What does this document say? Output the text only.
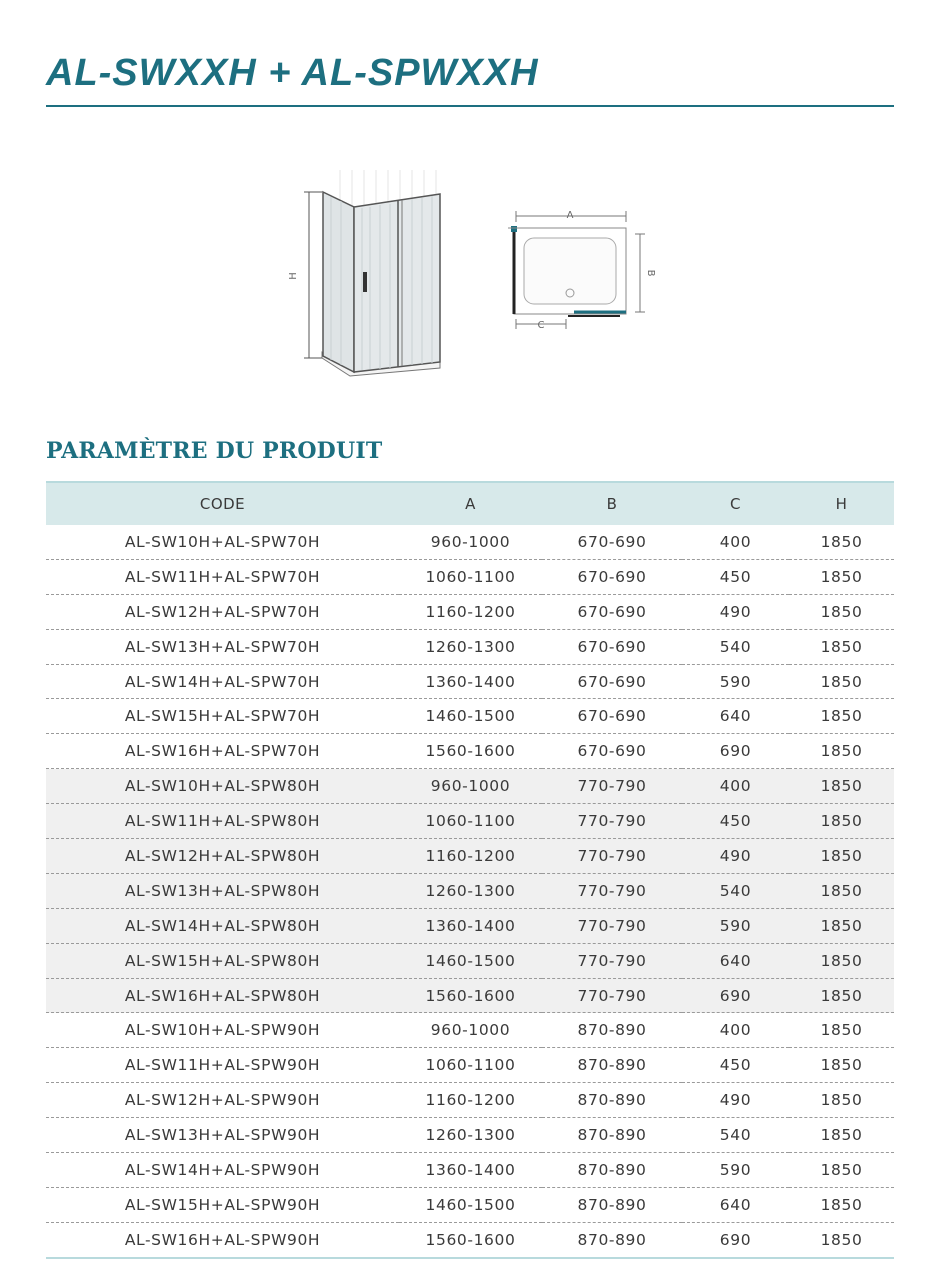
AL-SWXXH + AL-SPWXXH
H
A
B
C
PARAMÈTRE DU PRODUIT
CODE	A	B	C	H
AL-SW10H+AL-SPW70H	960-1000	670-690	400	1850
AL-SW11H+AL-SPW70H	1060-1100	670-690	450	1850
AL-SW12H+AL-SPW70H	1160-1200	670-690	490	1850
AL-SW13H+AL-SPW70H	1260-1300	670-690	540	1850
AL-SW14H+AL-SPW70H	1360-1400	670-690	590	1850
AL-SW15H+AL-SPW70H	1460-1500	670-690	640	1850
AL-SW16H+AL-SPW70H	1560-1600	670-690	690	1850
AL-SW10H+AL-SPW80H	960-1000	770-790	400	1850
AL-SW11H+AL-SPW80H	1060-1100	770-790	450	1850
AL-SW12H+AL-SPW80H	1160-1200	770-790	490	1850
AL-SW13H+AL-SPW80H	1260-1300	770-790	540	1850
AL-SW14H+AL-SPW80H	1360-1400	770-790	590	1850
AL-SW15H+AL-SPW80H	1460-1500	770-790	640	1850
AL-SW16H+AL-SPW80H	1560-1600	770-790	690	1850
AL-SW10H+AL-SPW90H	960-1000	870-890	400	1850
AL-SW11H+AL-SPW90H	1060-1100	870-890	450	1850
AL-SW12H+AL-SPW90H	1160-1200	870-890	490	1850
AL-SW13H+AL-SPW90H	1260-1300	870-890	540	1850
AL-SW14H+AL-SPW90H	1360-1400	870-890	590	1850
AL-SW15H+AL-SPW90H	1460-1500	870-890	640	1850
AL-SW16H+AL-SPW90H	1560-1600	870-890	690	1850
